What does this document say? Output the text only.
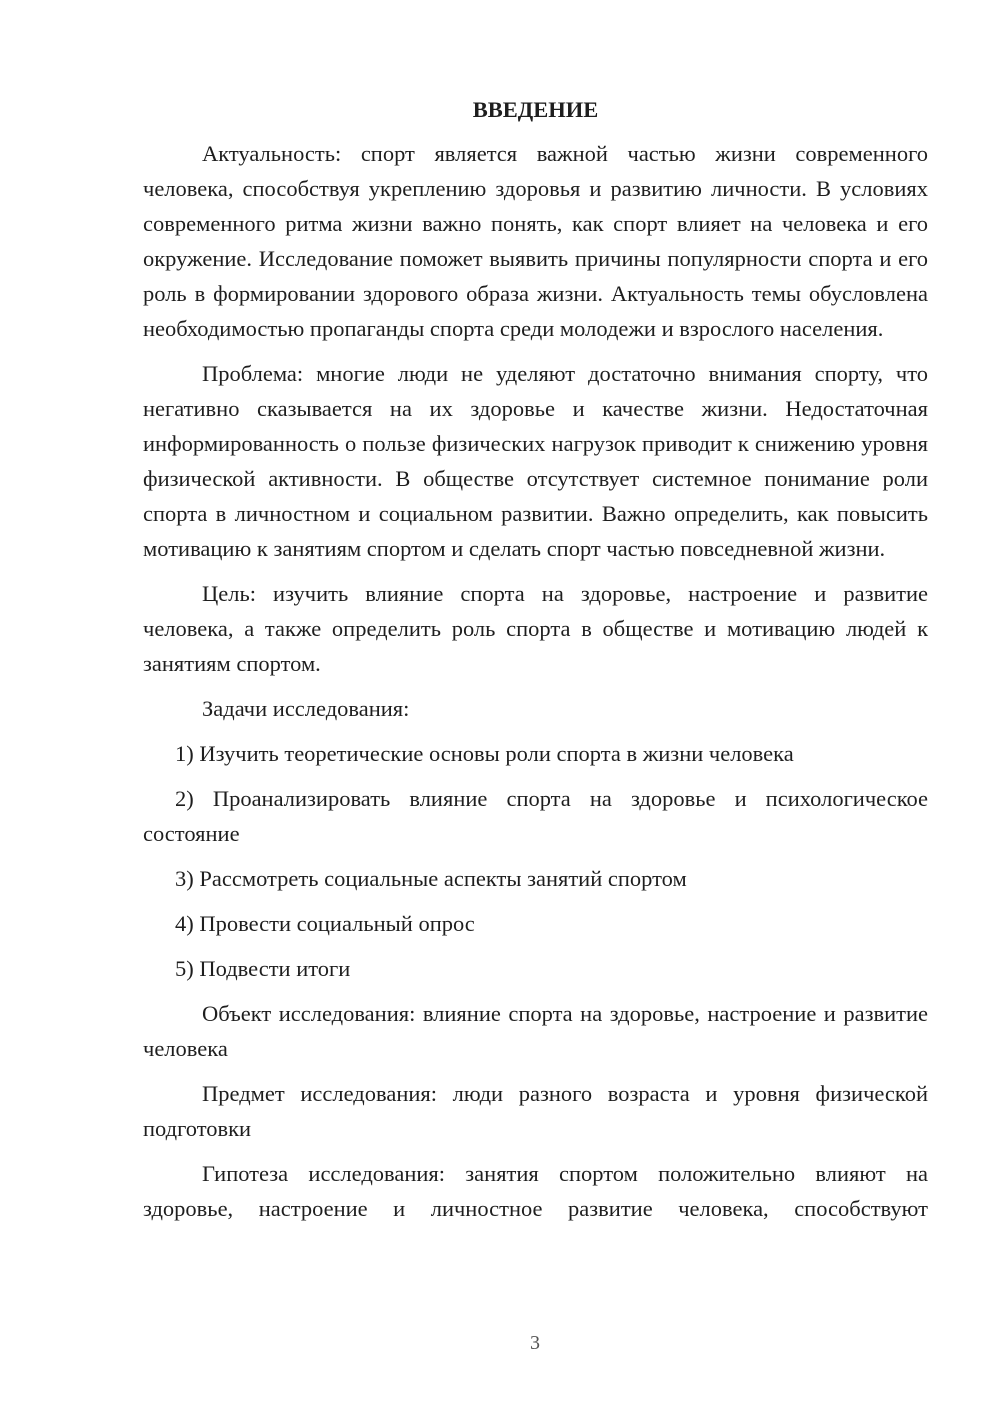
ВВЕДЕНИЕ

Актуальность: спорт является важной частью жизни современного человека, способствуя укреплению здоровья и развитию личности. В условиях современного ритма жизни важно понять, как спорт влияет на человека и его окружение. Исследование поможет выявить причины популярности спорта и его роль в формировании здорового образа жизни. Актуальность темы обусловлена необходимостью пропаганды спорта среди молодежи и взрослого населения.

Проблема: многие люди не уделяют достаточно внимания спорту, что негативно сказывается на их здоровье и качестве жизни. Недостаточная информированность о пользе физических нагрузок приводит к снижению уровня физической активности. В обществе отсутствует системное понимание роли спорта в личностном и социальном развитии. Важно определить, как повысить мотивацию к занятиям спортом и сделать спорт частью повседневной жизни.

Цель: изучить влияние спорта на здоровье, настроение и развитие человека, а также определить роль спорта в обществе и мотивацию людей к занятиям спортом.

Задачи исследования:

1) Изучить теоретические основы роли спорта в жизни человека

2) Проанализировать влияние спорта на здоровье и психологическое состояние

3) Рассмотреть социальные аспекты занятий спортом

4) Провести социальный опрос

5) Подвести итоги

Объект исследования: влияние спорта на здоровье, настроение и развитие человека

Предмет исследования: люди разного возраста и уровня физической подготовки

Гипотеза исследования: занятия спортом положительно влияют на здоровье, настроение и личностное развитие человека, способствуют

3
